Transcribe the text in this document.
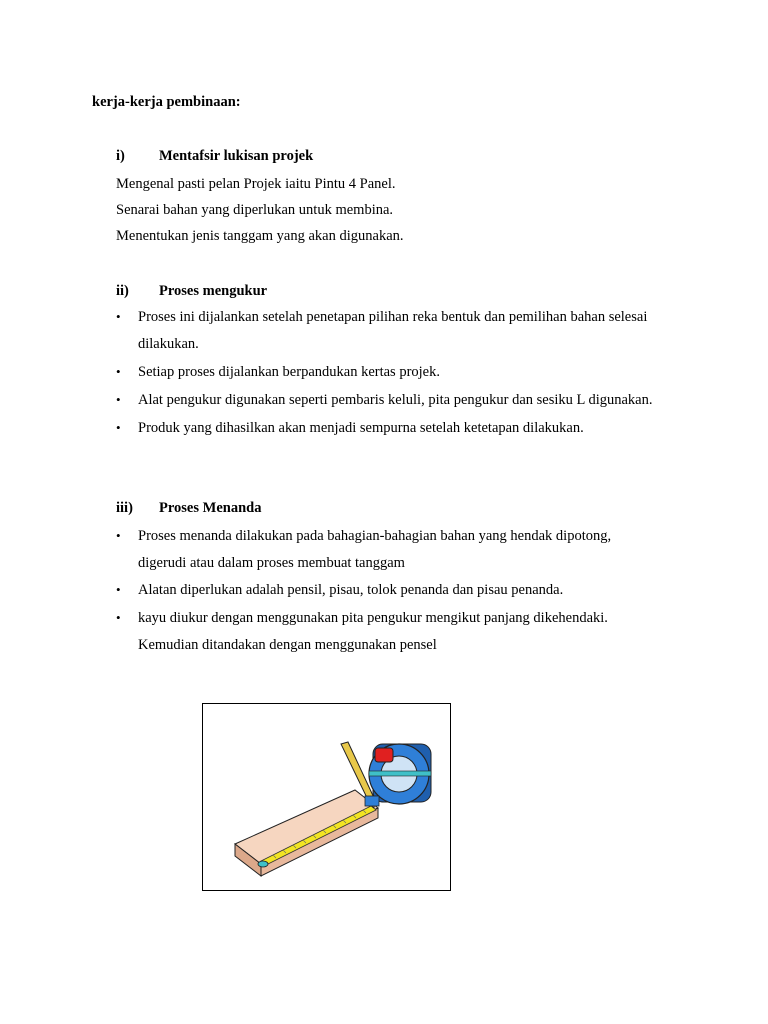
kerja-kerja pembinaan:
i) Mentafsir lukisan projek
Mengenal pasti pelan Projek iaitu Pintu 4 Panel.
Senarai bahan yang diperlukan untuk membina.
Menentukan jenis tanggam yang akan digunakan.
ii) Proses mengukur
• Proses ini dijalankan setelah penetapan pilihan reka bentuk dan pemilihan bahan selesai
dilakukan.
• Setiap proses dijalankan berpandukan kertas projek.
• Alat pengukur digunakan seperti pembaris keluli, pita pengukur dan sesiku L digunakan.
• Produk yang dihasilkan akan menjadi sempurna setelah ketetapan dilakukan.
iii) Proses Menanda
• Proses menanda dilakukan pada bahagian-bahagian bahan yang hendak dipotong,
digerudi atau dalam proses membuat tanggam
• Alatan diperlukan adalah pensil, pisau, tolok penanda dan pisau penanda.
• kayu diukur dengan menggunakan pita pengukur mengikut panjang dikehendaki.
Kemudian ditandakan dengan menggunakan pensel
